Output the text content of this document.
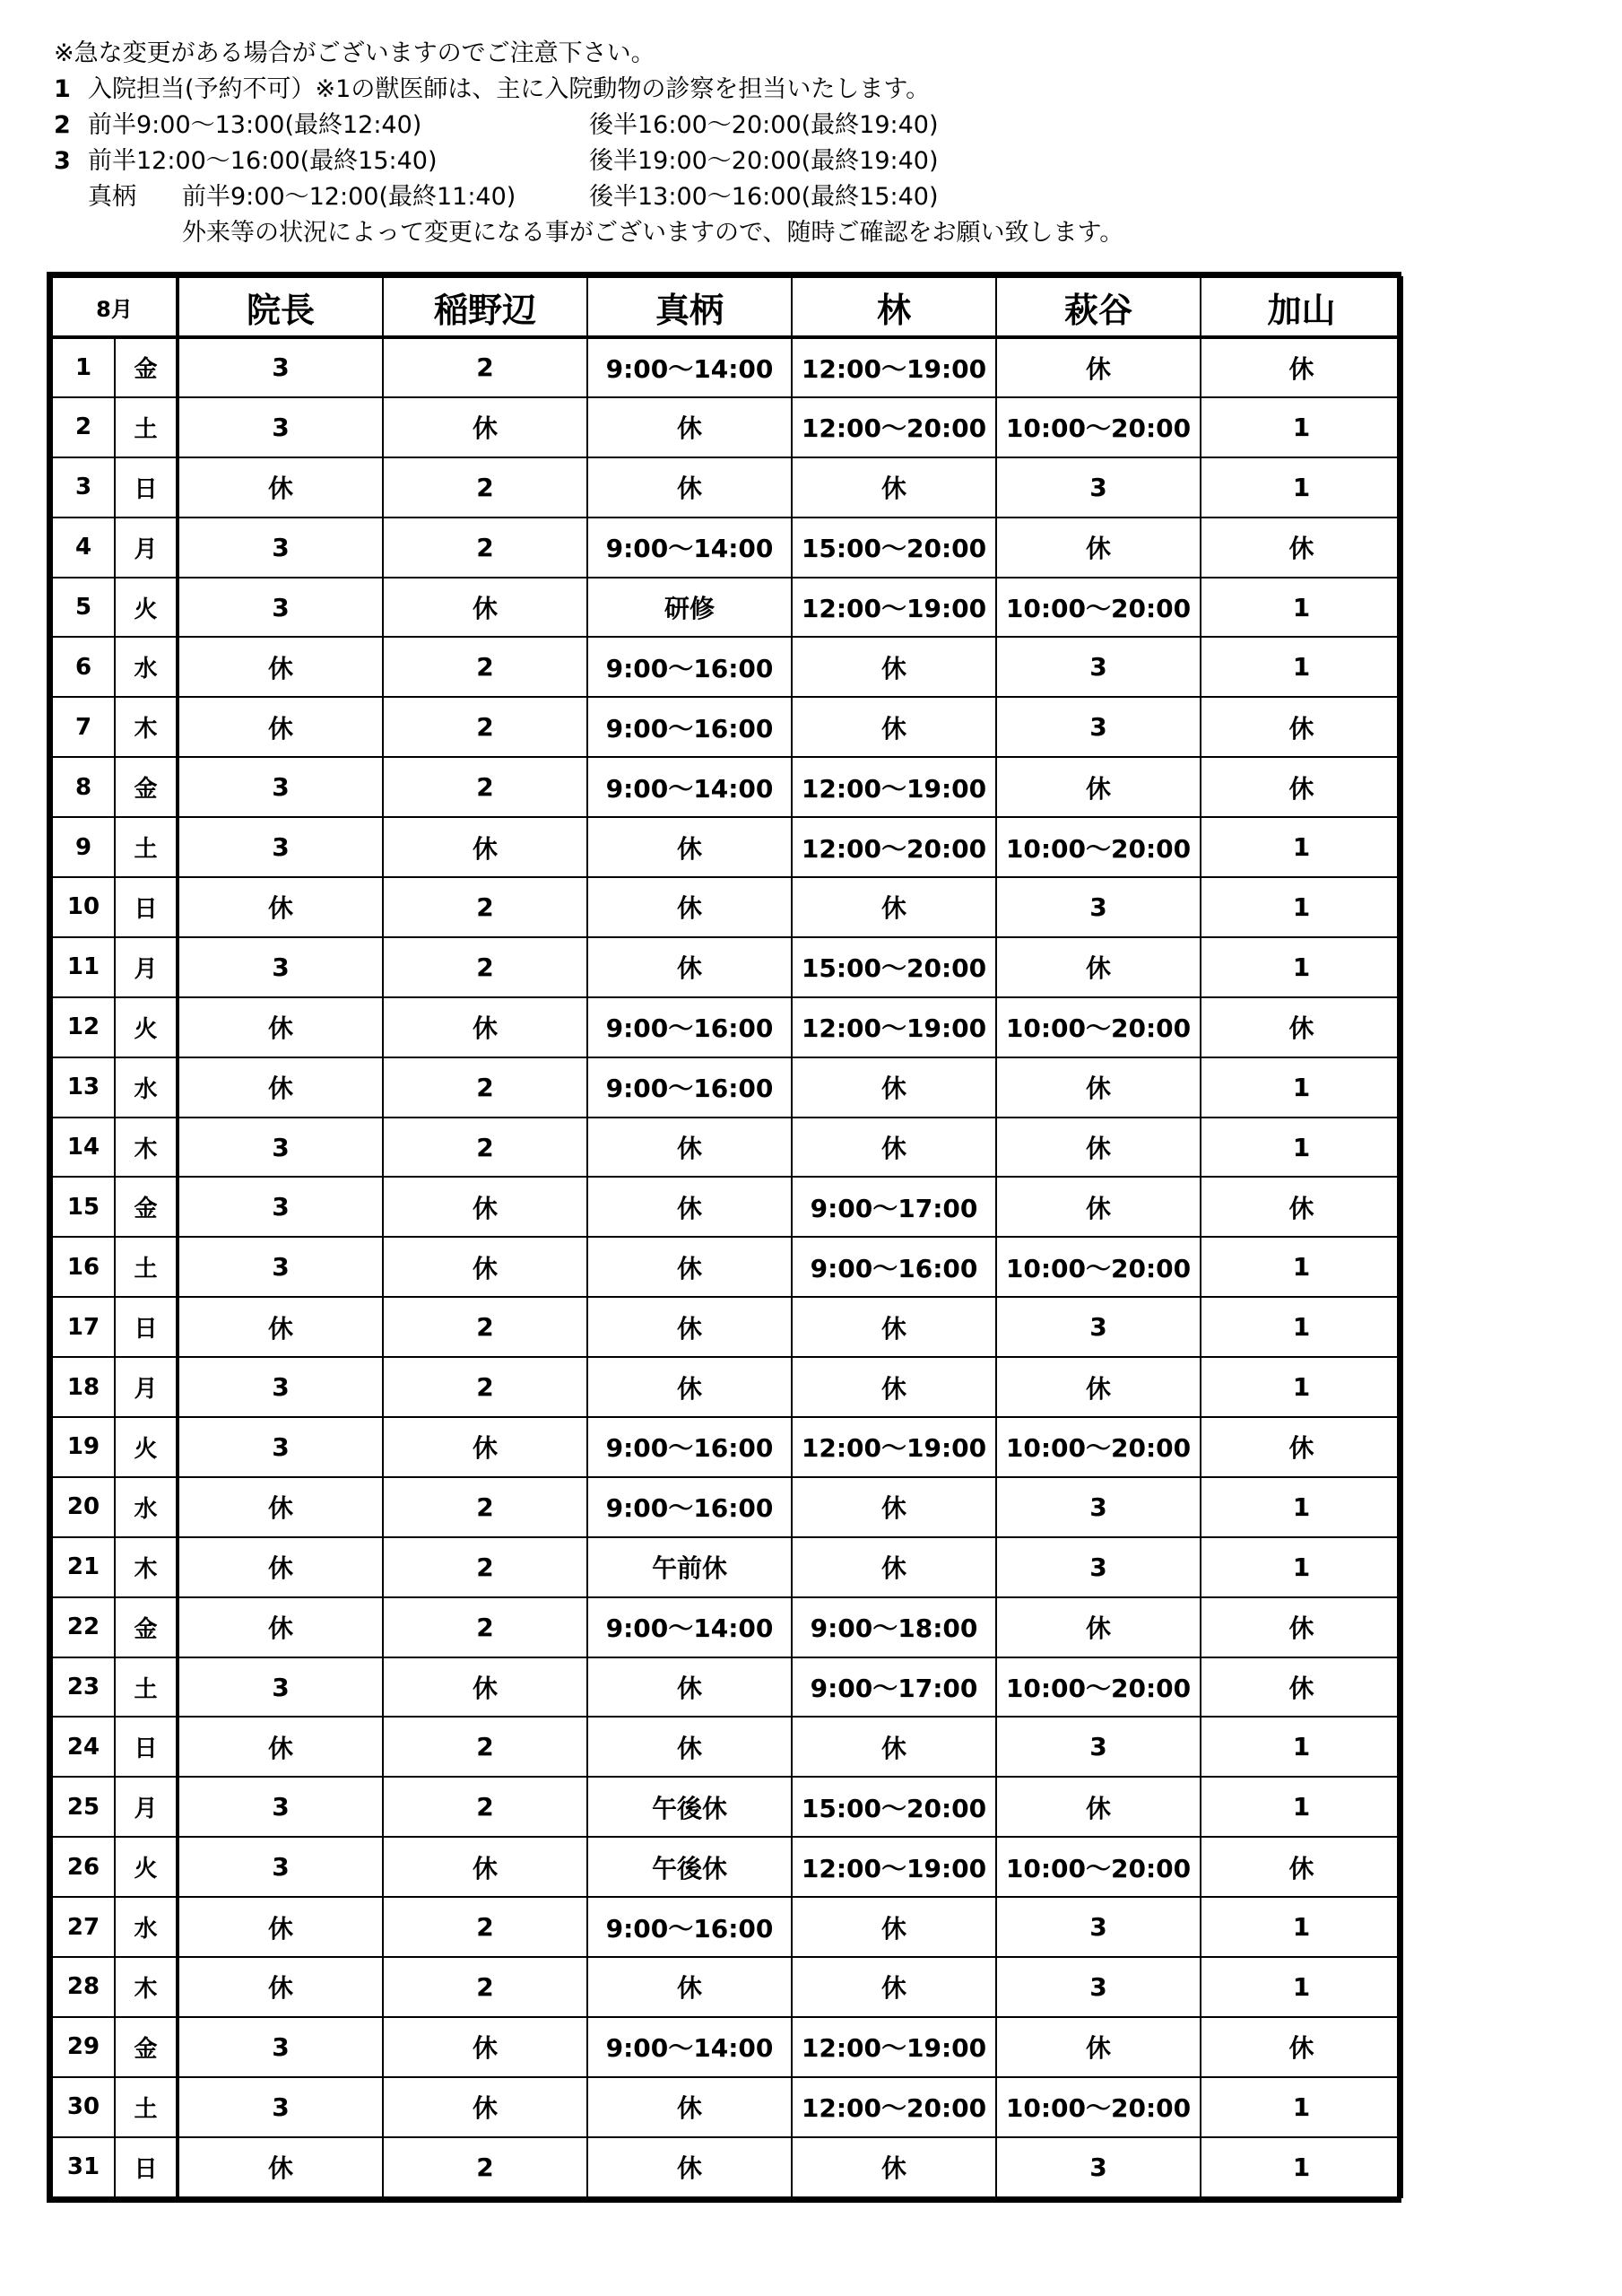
※急な変更がある場合がございますのでご注意下さい。
1 入院担当(予約不可）※1の獣医師は、主に入院動物の診察を担当いたします。
2 前半9:00～13:00(最終12:40)	後半16:00～20:00(最終19:40)
3 前半12:00～16:00(最終15:40)	後半19:00～20:00(最終19:40)
真柄 前半9:00～12:00(最終11:40)	後半13:00～16:00(最終15:40)
外来等の状況によって変更になる事がございますので、随時ご確認をお願い致します。
8月		院長	稲野辺	真柄	林	萩谷	加山
1	金	3	2	9:00～14:00	12:00～19:00	休	休
2	土	3	休	休	12:00～20:00	10:00～20:00	1
3	日	休	2	休	休	3	1
4	月	3	2	9:00～14:00	15:00～20:00	休	休
5	火	3	休	研修	12:00～19:00	10:00～20:00	1
6	水	休	2	9:00～16:00	休	3	1
7	木	休	2	9:00～16:00	休	3	休
8	金	3	2	9:00～14:00	12:00～19:00	休	休
9	土	3	休	休	12:00～20:00	10:00～20:00	1
10	日	休	2	休	休	3	1
11	月	3	2	休	15:00～20:00	休	1
12	火	休	休	9:00～16:00	12:00～19:00	10:00～20:00	休
13	水	休	2	9:00～16:00	休	休	1
14	木	3	2	休	休	休	1
15	金	3	休	休	9:00～17:00	休	休
16	土	3	休	休	9:00～16:00	10:00～20:00	1
17	日	休	2	休	休	3	1
18	月	3	2	休	休	休	1
19	火	3	休	9:00～16:00	12:00～19:00	10:00～20:00	休
20	水	休	2	9:00～16:00	休	3	1
21	木	休	2	午前休	休	3	1
22	金	休	2	9:00～14:00	9:00～18:00	休	休
23	土	3	休	休	9:00～17:00	10:00～20:00	休
24	日	休	2	休	休	3	1
25	月	3	2	午後休	15:00～20:00	休	1
26	火	3	休	午後休	12:00～19:00	10:00～20:00	休
27	水	休	2	9:00～16:00	休	3	1
28	木	休	2	休	休	3	1
29	金	3	休	9:00～14:00	12:00～19:00	休	休
30	土	3	休	休	12:00～20:00	10:00～20:00	1
31	日	休	2	休	休	3	1
